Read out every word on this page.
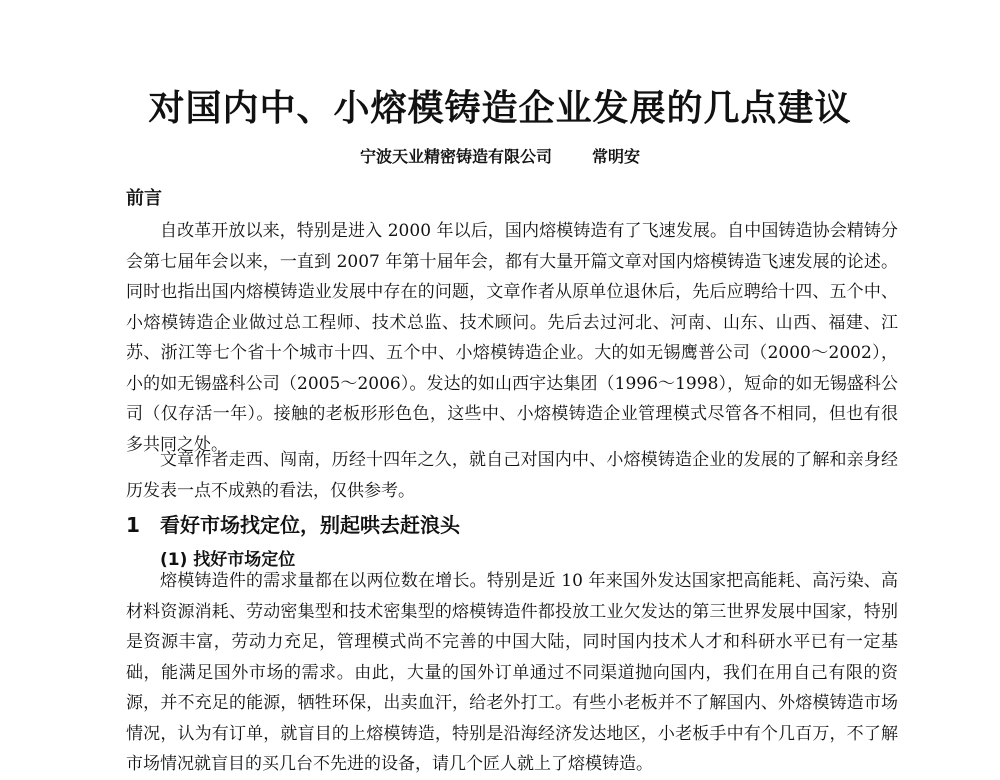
对国内中、小熔模铸造企业发展的几点建议
宁波天业精密铸造有限公司	常明安
前言

自改革开放以来，特别是进入 2000 年以后，国内熔模铸造有了飞速发展。自中国铸造协会精铸分会第七届年会以来，一直到 2007 年第十届年会，都有大量开篇文章对国内熔模铸造飞速发展的论述。同时也指出国内熔模铸造业发展中存在的问题，文章作者从原单位退休后，先后应聘给十四、五个中、小熔模铸造企业做过总工程师、技术总监、技术顾问。先后去过河北、河南、山东、山西、福建、江苏、浙江等七个省十个城市十四、五个中、小熔模铸造企业。大的如无锡鹰普公司（2000～2002），小的如无锡盛科公司（2005～2006）。发达的如山西宇达集团（1996～1998），短命的如无锡盛科公司（仅存活一年）。接触的老板形形色色，这些中、小熔模铸造企业管理模式尽管各不相同，但也有很多共同之处。

文章作者走西、闯南，历经十四年之久，就自己对国内中、小熔模铸造企业的发展的了解和亲身经历发表一点不成熟的看法，仅供参考。

1 看好市场找定位，别起哄去赶浪头
(1) 找好市场定位

熔模铸造件的需求量都在以两位数在增长。特别是近 10 年来国外发达国家把高能耗、高污染、高材料资源消耗、劳动密集型和技术密集型的熔模铸造件都投放工业欠发达的第三世界发展中国家，特别是资源丰富，劳动力充足，管理模式尚不完善的中国大陆，同时国内技术人才和科研水平已有一定基础，能满足国外市场的需求。由此，大量的国外订单通过不同渠道抛向国内，我们在用自己有限的资源，并不充足的能源，牺牲环保，出卖血汗，给老外打工。有些小老板并不了解国内、外熔模铸造市场情况，认为有订单，就盲目的上熔模铸造，特别是沿海经济发达地区，小老板手中有个几百万，不了解市场情况就盲目的买几台不先进的设备，请几个匠人就上了熔模铸造。
